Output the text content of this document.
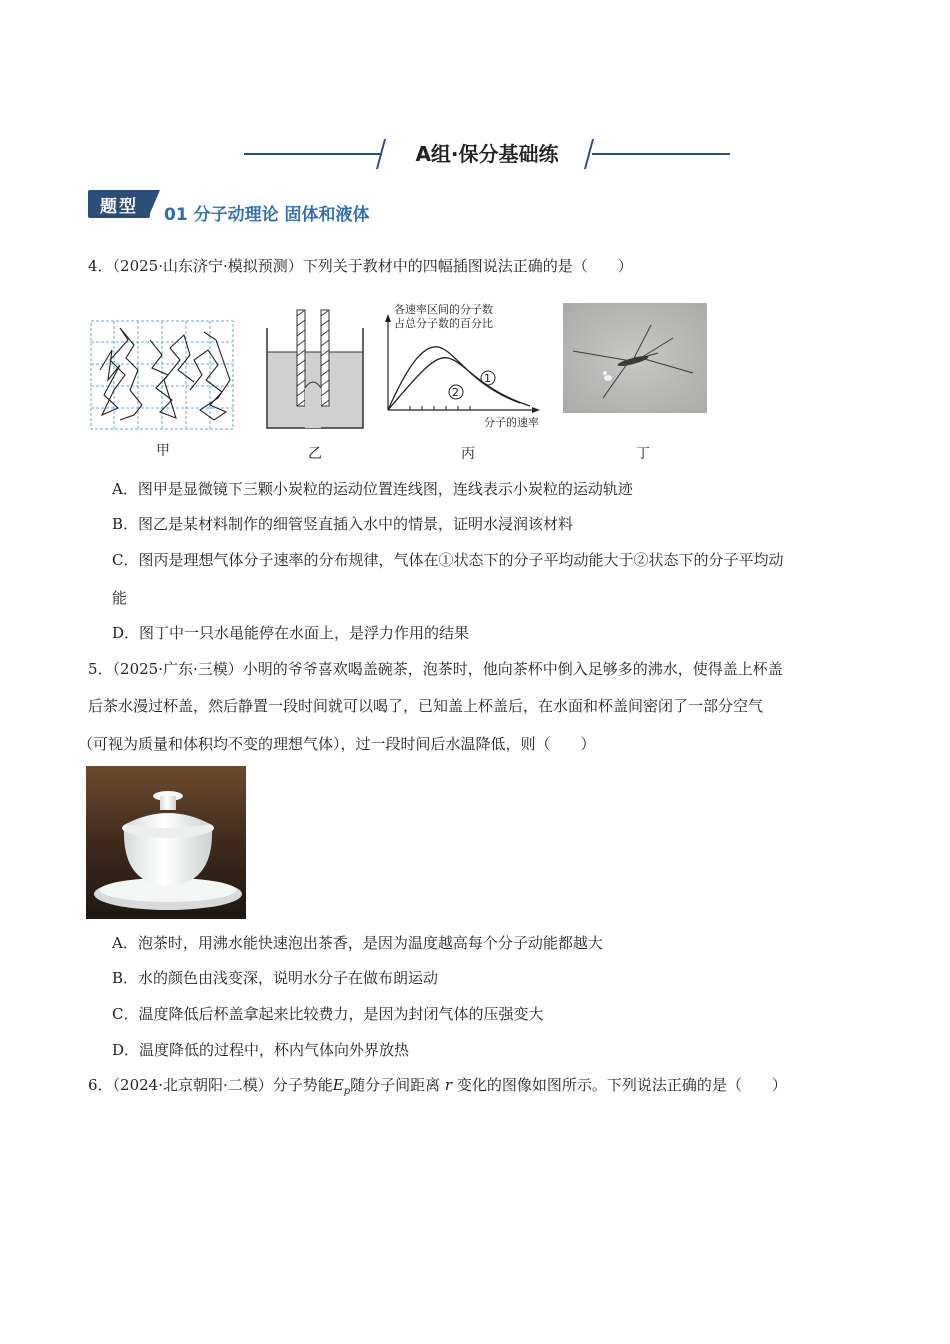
A组·保分基础练
题型	01 分子动理论 固体和液体
4．（2025·山东济宁·模拟预测）下列关于教材中的四幅插图说法正确的是（　　）
甲	乙
各速率区间的分子数
占总分子数的百分比
1
2
分子的速率
丙	丁
A．图甲是显微镜下三颗小炭粒的运动位置连线图，连线表示小炭粒的运动轨迹
B．图乙是某材料制作的细管竖直插入水中的情景，证明水浸润该材料
C．图丙是理想气体分子速率的分布规律，气体在①状态下的分子平均动能大于②状态下的分子平均动
能
D．图丁中一只水黾能停在水面上，是浮力作用的结果
5．（2025·广东·三模）小明的爷爷喜欢喝盖碗茶，泡茶时，他向茶杯中倒入足够多的沸水，使得盖上杯盖
后茶水漫过杯盖，然后静置一段时间就可以喝了，已知盖上杯盖后，在水面和杯盖间密闭了一部分空气
（可视为质量和体积均不变的理想气体），过一段时间后水温降低，则（　　）
A．泡茶时，用沸水能快速泡出茶香，是因为温度越高每个分子动能都越大
B．水的颜色由浅变深，说明水分子在做布朗运动
C．温度降低后杯盖拿起来比较费力，是因为封闭气体的压强变大
D．温度降低的过程中，杯内气体向外界放热
6．（2024·北京朝阳·二模）分子势能$E_p$随分子间距离 r 变化的图像如图所示。下列说法正确的是（　　）
